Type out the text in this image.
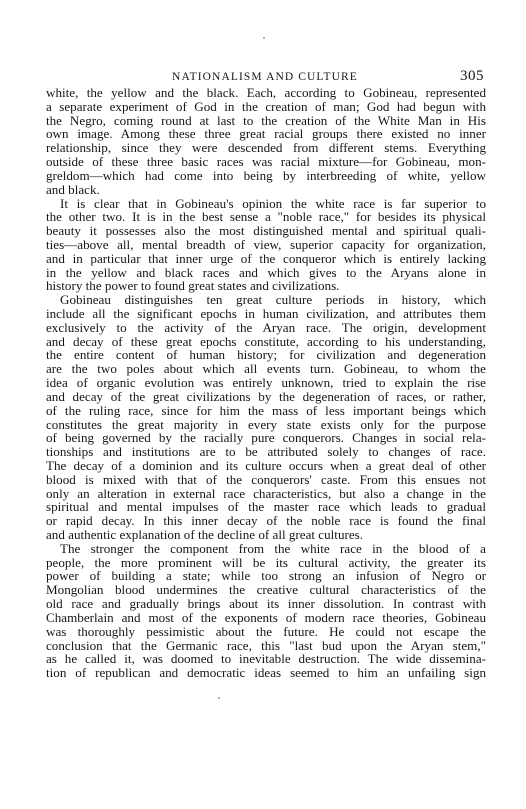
NATIONALISM AND CULTURE	305
white, the yellow and the black. Each, according to Gobineau, represented
a separate experiment of God in the creation of man; God had begun with
the Negro, coming round at last to the creation of the White Man in His
own image. Among these three great racial groups there existed no inner
relationship, since they were descended from different stems. Everything
outside of these three basic races was racial mixture—for Gobineau, mon-
greldom—which had come into being by interbreeding of white, yellow
and black.
It is clear that in Gobineau's opinion the white race is far superior to
the other two. It is in the best sense a "noble race," for besides its physical
beauty it possesses also the most distinguished mental and spiritual quali-
ties—above all, mental breadth of view, superior capacity for organization,
and in particular that inner urge of the conqueror which is entirely lacking
in the yellow and black races and which gives to the Aryans alone in
history the power to found great states and civilizations.
Gobineau distinguishes ten great culture periods in history, which
include all the significant epochs in human civilization, and attributes them
exclusively to the activity of the Aryan race. The origin, development
and decay of these great epochs constitute, according to his understanding,
the entire content of human history; for civilization and degeneration
are the two poles about which all events turn. Gobineau, to whom the
idea of organic evolution was entirely unknown, tried to explain the rise
and decay of the great civilizations by the degeneration of races, or rather,
of the ruling race, since for him the mass of less important beings which
constitutes the great majority in every state exists only for the purpose
of being governed by the racially pure conquerors. Changes in social rela-
tionships and institutions are to be attributed solely to changes of race.
The decay of a dominion and its culture occurs when a great deal of other
blood is mixed with that of the conquerors' caste. From this ensues not
only an alteration in external race characteristics, but also a change in the
spiritual and mental impulses of the master race which leads to gradual
or rapid decay. In this inner decay of the noble race is found the final
and authentic explanation of the decline of all great cultures.
The stronger the component from the white race in the blood of a
people, the more prominent will be its cultural activity, the greater its
power of building a state; while too strong an infusion of Negro or
Mongolian blood undermines the creative cultural characteristics of the
old race and gradually brings about its inner dissolution. In contrast with
Chamberlain and most of the exponents of modern race theories, Gobineau
was thoroughly pessimistic about the future. He could not escape the
conclusion that the Germanic race, this "last bud upon the Aryan stem,"
as he called it, was doomed to inevitable destruction. The wide dissemina-
tion of republican and democratic ideas seemed to him an unfailing sign
